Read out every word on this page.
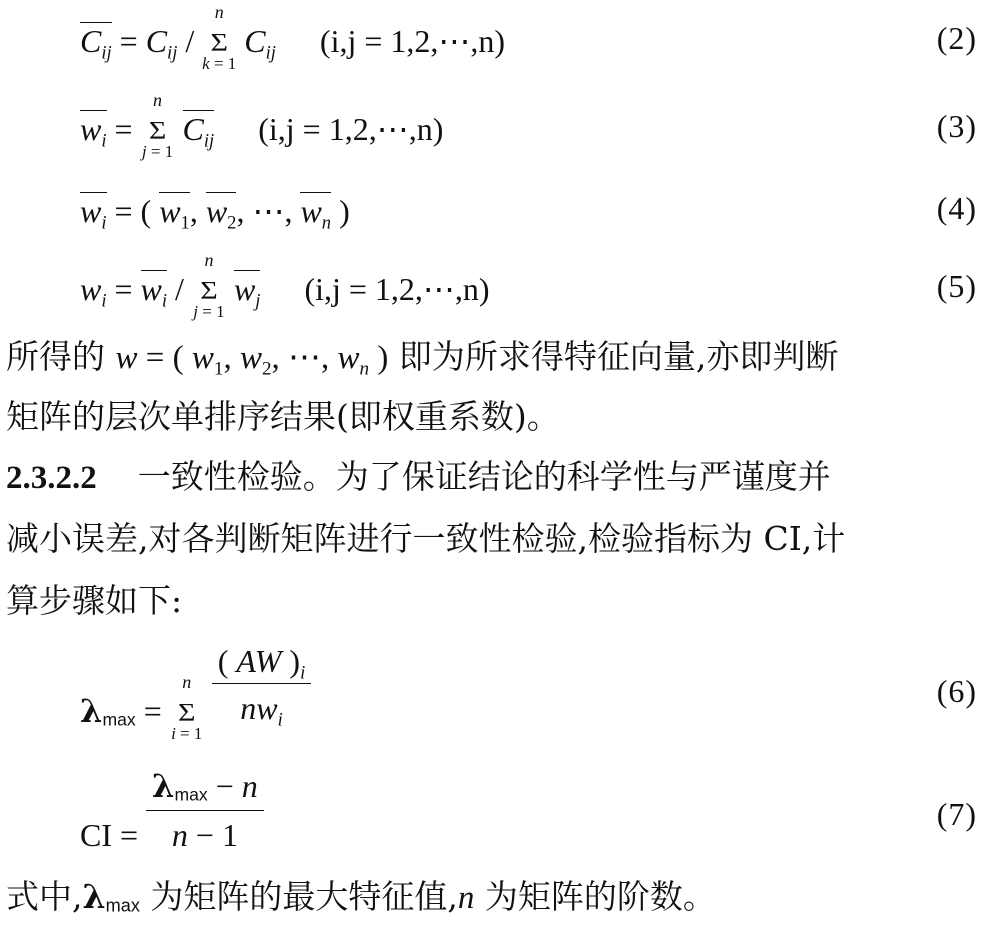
$C_{ij} = C_{ij}$ /
n
Σ
k = 1
$C_{ij}$ (i,j = 1,2,⋯,n)	(2)
$w_i$ =
n
Σ
j = 1
$C_{ij}$ (i,j = 1,2,⋯,n)	(3)
$w_i$ = ( $w_1$, $w_2$, ⋯, $w_n$ )	(4)
$w_i = w_i$ /
n
Σ
j = 1
$w_j$ (i,j = 1,2,⋯,n)	(5)
所得的 w = ( $w_1$, $w_2$, ⋯, $w_n$ ) 即为所求得特征向量,亦即判断
矩阵的层次单排序结果(即权重系数)。
2.3.2.2 一致性检验。为了保证结论的科学性与严谨度并
减小误差,对各判断矩阵进行一致性检验,检验指标为 CI,计
算步骤如下:
λmax =
n
Σ
i = 1

$\frac{( AW )_i}{nw_i}$	(6)
CI = $\frac{\lambda\max - n}{n - 1}$	(7)
式中,λmax 为矩阵的最大特征值,n 为矩阵的阶数。
